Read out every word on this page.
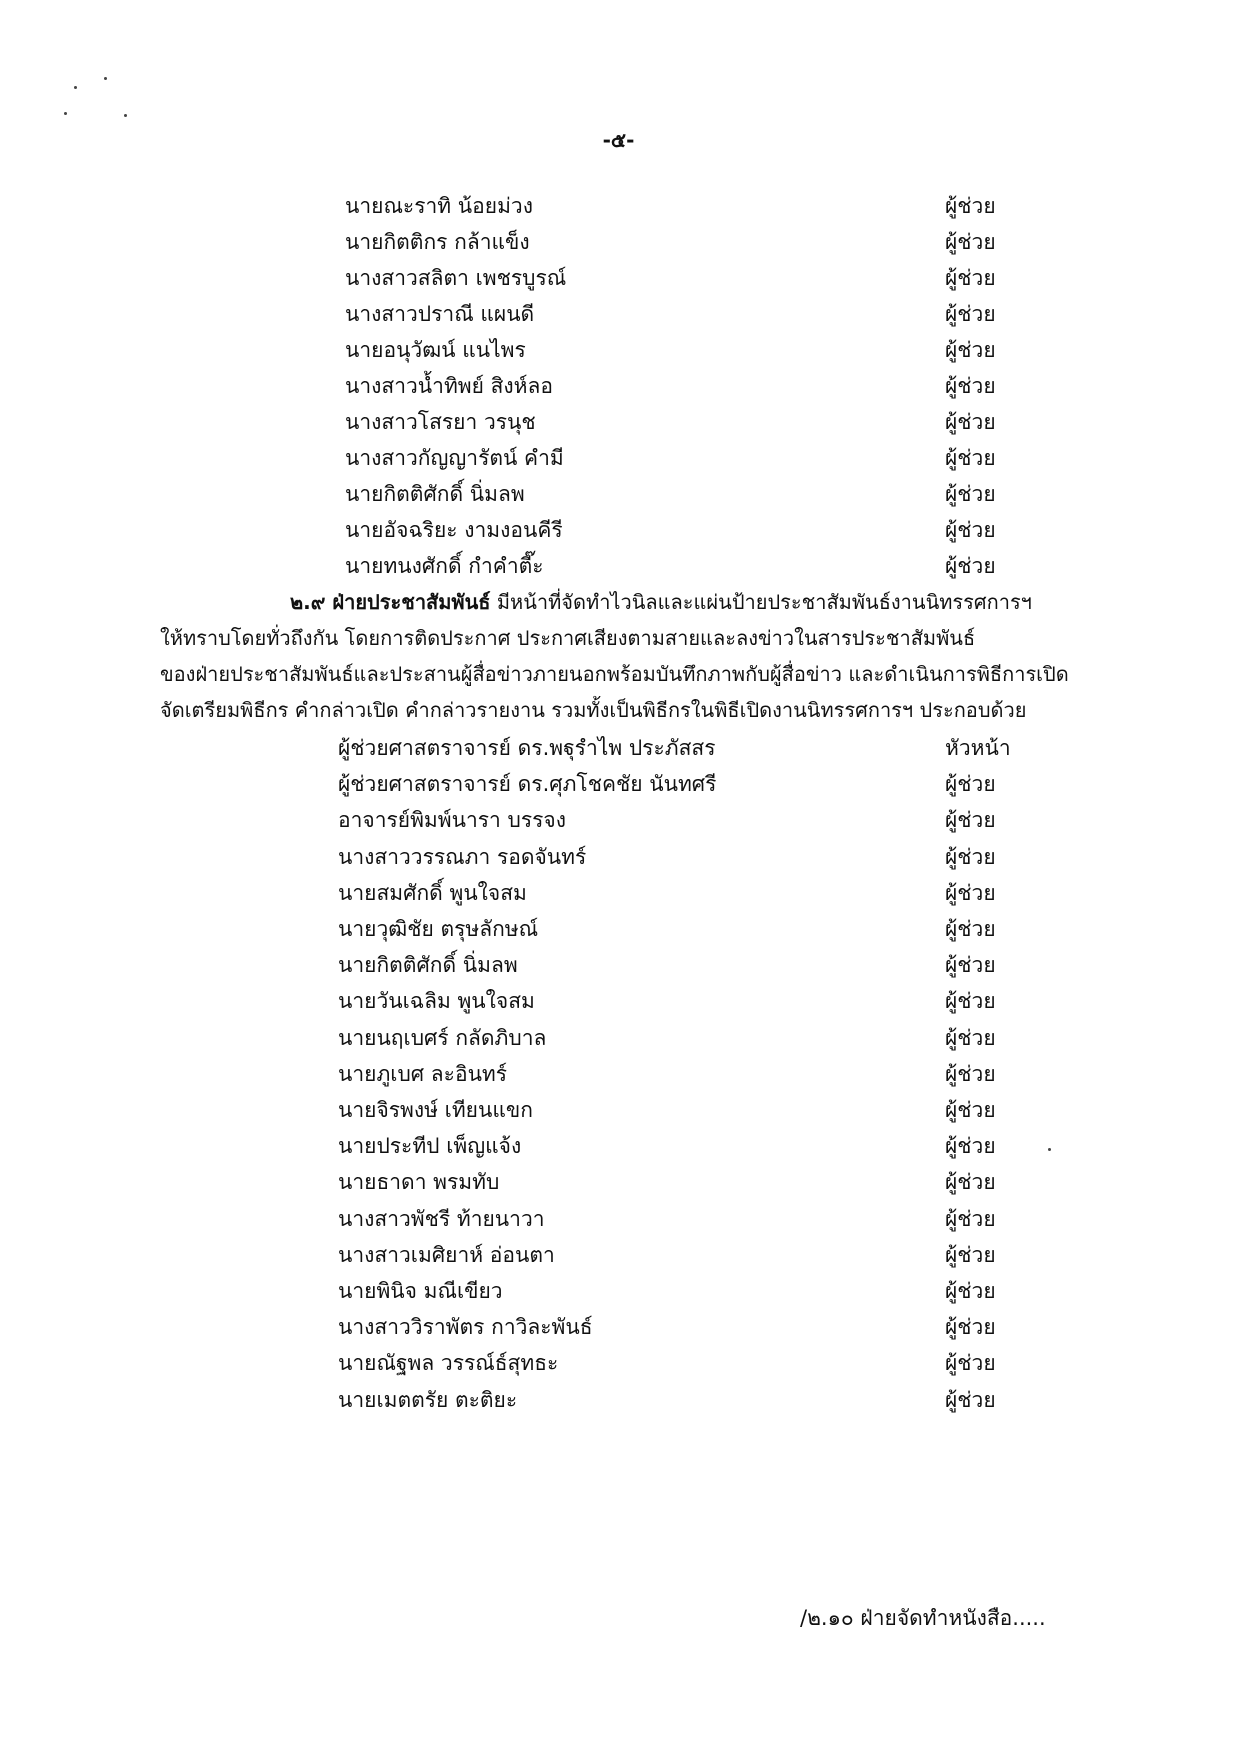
-๕-
นายณะราทิ น้อยม่วง	ผู้ช่วย
นายกิตติกร กล้าแข็ง	ผู้ช่วย
นางสาวสลิตา เพชรบูรณ์	ผู้ช่วย
นางสาวปราณี แผนดี	ผู้ช่วย
นายอนุวัฒน์ แนไพร	ผู้ช่วย
นางสาวน้ำทิพย์ สิงห์ลอ	ผู้ช่วย
นางสาวโสรยา วรนุช	ผู้ช่วย
นางสาวกัญญารัตน์ คำมี	ผู้ช่วย
นายกิตติศักดิ์ นิ่มลพ	ผู้ช่วย
นายอัจฉริยะ งามงอนคีรี	ผู้ช่วย
นายทนงศักดิ์ กำคำตี๊ะ	ผู้ช่วย
๒.๙ ฝ่ายประชาสัมพันธ์ มีหน้าที่จัดทำไวนิลและแผ่นป้ายประชาสัมพันธ์งานนิทรรศการฯ
ให้ทราบโดยทั่วถึงกัน โดยการติดประกาศ ประกาศเสียงตามสายและลงข่าวในสารประชาสัมพันธ์
ของฝ่ายประชาสัมพันธ์และประสานผู้สื่อข่าวภายนอกพร้อมบันทึกภาพกับผู้สื่อข่าว และดำเนินการพิธีการเปิด
จัดเตรียมพิธีกร คำกล่าวเปิด คำกล่าวรายงาน รวมทั้งเป็นพิธีกรในพิธีเปิดงานนิทรรศการฯ ประกอบด้วย
ผู้ช่วยศาสตราจารย์ ดร.พฐุรำไพ ประภัสสร	หัวหน้า
ผู้ช่วยศาสตราจารย์ ดร.ศุภโชคชัย นันทศรี	ผู้ช่วย
อาจารย์พิมพ์นารา บรรจง	ผู้ช่วย
นางสาววรรณภา รอดจันทร์	ผู้ช่วย
นายสมศักดิ์ พูนใจสม	ผู้ช่วย
นายวุฒิชัย ตรุษลักษณ์	ผู้ช่วย
นายกิตติศักดิ์ นิ่มลพ	ผู้ช่วย
นายวันเฉลิม พูนใจสม	ผู้ช่วย
นายนฤเบศร์ กลัดภิบาล	ผู้ช่วย
นายภูเบศ ละอินทร์	ผู้ช่วย
นายจิรพงษ์ เทียนแขก	ผู้ช่วย
นายประทีป เพ็ญแจ้ง	ผู้ช่วย
นายธาดา พรมทับ	ผู้ช่วย
นางสาวพัชรี ท้ายนาวา	ผู้ช่วย
นางสาวเมศิยาห์ อ่อนตา	ผู้ช่วย
นายพินิจ มณีเขียว	ผู้ช่วย
นางสาววิราพัตร กาวิละพันธ์	ผู้ช่วย
นายณัฐพล วรรณ์ธ์สุทธะ	ผู้ช่วย
นายเมตตรัย ตะติยะ	ผู้ช่วย
/๒.๑๐ ฝ่ายจัดทำหนังสือ.....
